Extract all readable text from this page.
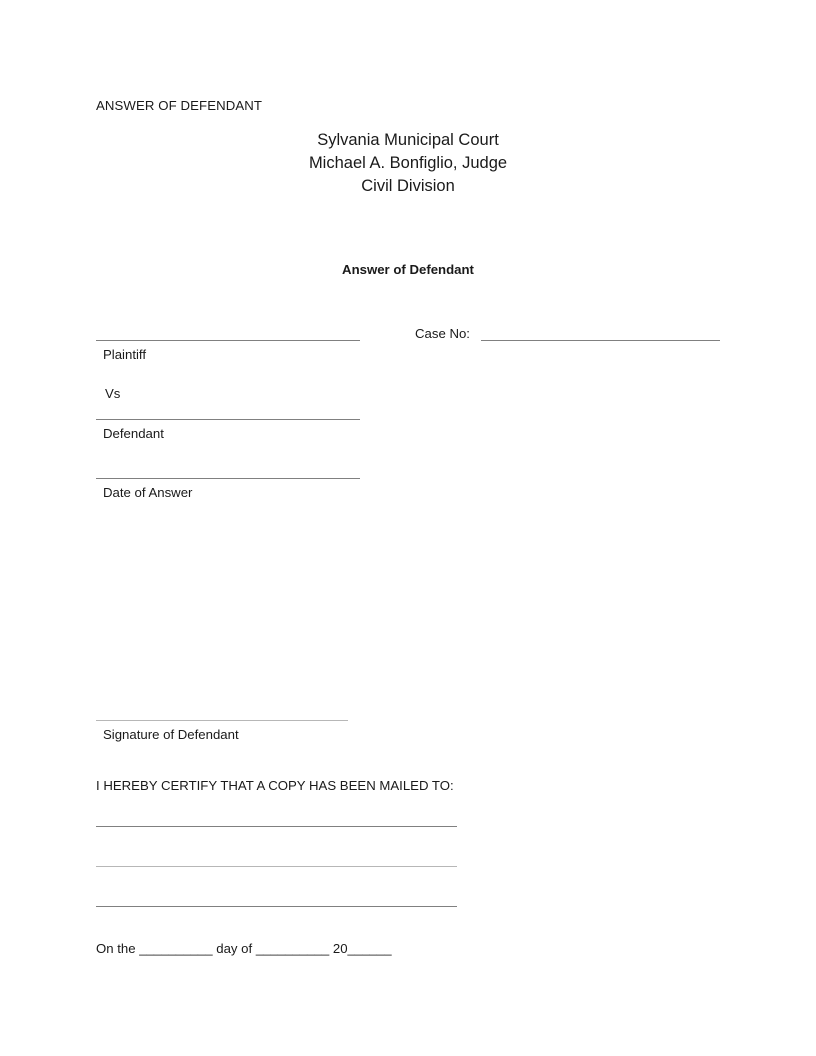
ANSWER OF DEFENDANT
Sylvania Municipal Court
Michael A. Bonfiglio, Judge
Civil Division
Answer of Defendant
Plaintiff
Case No:
Vs
Defendant
Date of Answer
Signature of Defendant
I HEREBY CERTIFY THAT A COPY HAS BEEN MAILED TO:
On the __________ day of __________ 20______
